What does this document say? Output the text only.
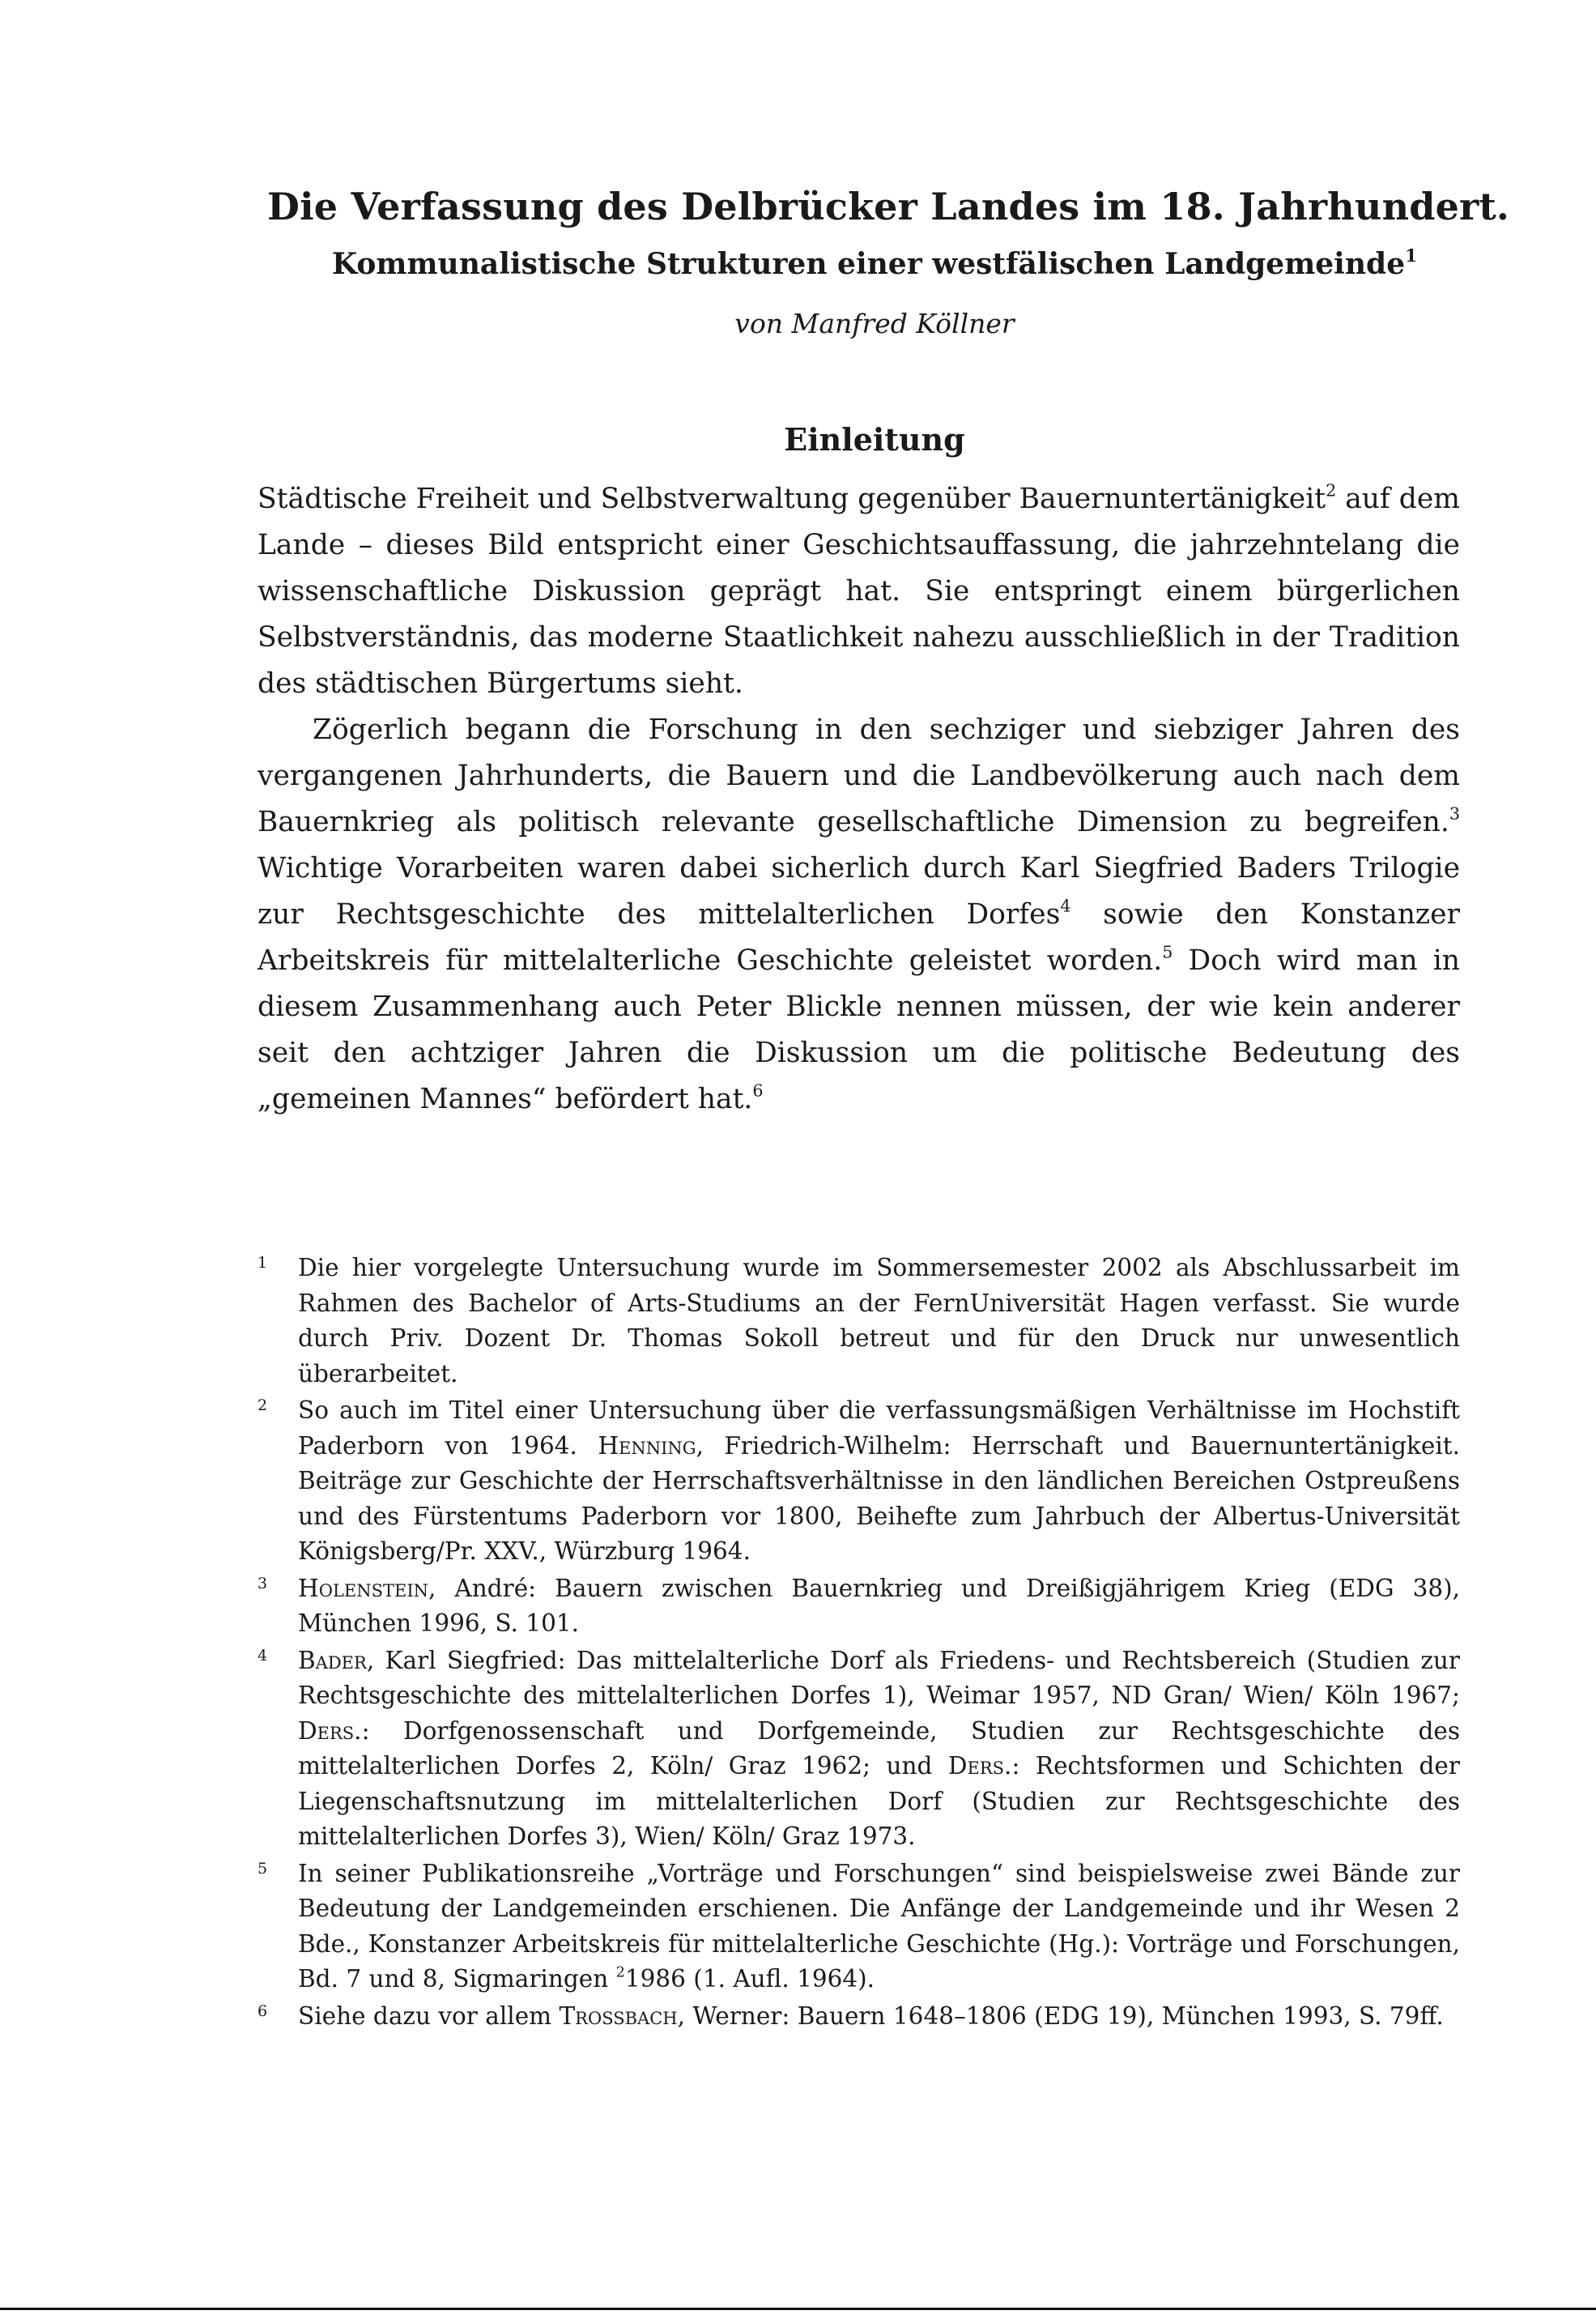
Die Verfassung des Delbrücker Landes im 18. Jahrhundert.
Kommunalistische Strukturen einer westfälischen Landgemeinde$^1$
von Manfred Köllner
Einleitung

Städtische Freiheit und Selbstverwaltung gegenüber Bauernuntertänigkeit$^2$ auf dem Lande – dieses Bild entspricht einer Geschichtsauffassung, die jahrzehntelang die wissenschaftliche Diskussion geprägt hat. Sie entspringt einem bürgerlichen Selbstverständnis, das moderne Staatlichkeit nahezu ausschließlich in der Tradition des städtischen Bürgertums sieht.

Zögerlich begann die Forschung in den sechziger und siebziger Jahren des vergangenen Jahrhunderts, die Bauern und die Landbevölkerung auch nach dem Bauernkrieg als politisch relevante gesellschaftliche Dimension zu begreifen.$^3$ Wichtige Vorarbeiten waren dabei sicherlich durch Karl Siegfried Baders Trilogie zur Rechtsgeschichte des mittelalterlichen Dorfes$^4$ sowie den Konstanzer Arbeitskreis für mittelalterliche Geschichte geleistet worden.$^5$ Doch wird man in diesem Zusammenhang auch Peter Blickle nennen müssen, der wie kein anderer seit den achtziger Jahren die Diskussion um die politische Bedeutung des „gemeinen Mannes“ befördert hat.$^6$

1 Die hier vorgelegte Untersuchung wurde im Sommersemester 2002 als Abschlussarbeit im Rahmen des Bachelor of Arts-Studiums an der FernUniversität Hagen verfasst. Sie wurde durch Priv. Dozent Dr. Thomas Sokoll betreut und für den Druck nur unwesentlich überarbeitet.
2 So auch im Titel einer Untersuchung über die verfassungsmäßigen Verhältnisse im Hochstift Paderborn von 1964. Henning, Friedrich-Wilhelm: Herrschaft und Bauernuntertänigkeit. Beiträge zur Geschichte der Herrschaftsverhältnisse in den ländlichen Bereichen Ostpreußens und des Fürstentums Paderborn vor 1800, Beihefte zum Jahrbuch der Albertus-Universität Königsberg/Pr. XXV., Würzburg 1964.
3 Holenstein, André: Bauern zwischen Bauernkrieg und Dreißigjährigem Krieg (EDG 38), München 1996, S. 101.
4 Bader, Karl Siegfried: Das mittelalterliche Dorf als Friedens- und Rechtsbereich (Studien zur Rechtsgeschichte des mittelalterlichen Dorfes 1), Weimar 1957, ND Gran/ Wien/ Köln 1967; Ders.: Dorfgenossenschaft und Dorfgemeinde, Studien zur Rechtsgeschichte des mittelalterlichen Dorfes 2, Köln/ Graz 1962; und Ders.: Rechtsformen und Schichten der Liegenschaftsnutzung im mittelalterlichen Dorf (Studien zur Rechtsgeschichte des mittelalterlichen Dorfes 3), Wien/ Köln/ Graz 1973.
5 In seiner Publikationsreihe „Vorträge und Forschungen“ sind beispielsweise zwei Bände zur Bedeutung der Landgemeinden erschienen. Die Anfänge der Landgemeinde und ihr Wesen 2 Bde., Konstanzer Arbeitskreis für mittelalterliche Geschichte (Hg.): Vorträge und Forschungen, Bd. 7 und 8, Sigmaringen $^2$1986 (1. Aufl. 1964).
6 Siehe dazu vor allem Trossbach, Werner: Bauern 1648–1806 (EDG 19), München 1993, S. 79ff.
